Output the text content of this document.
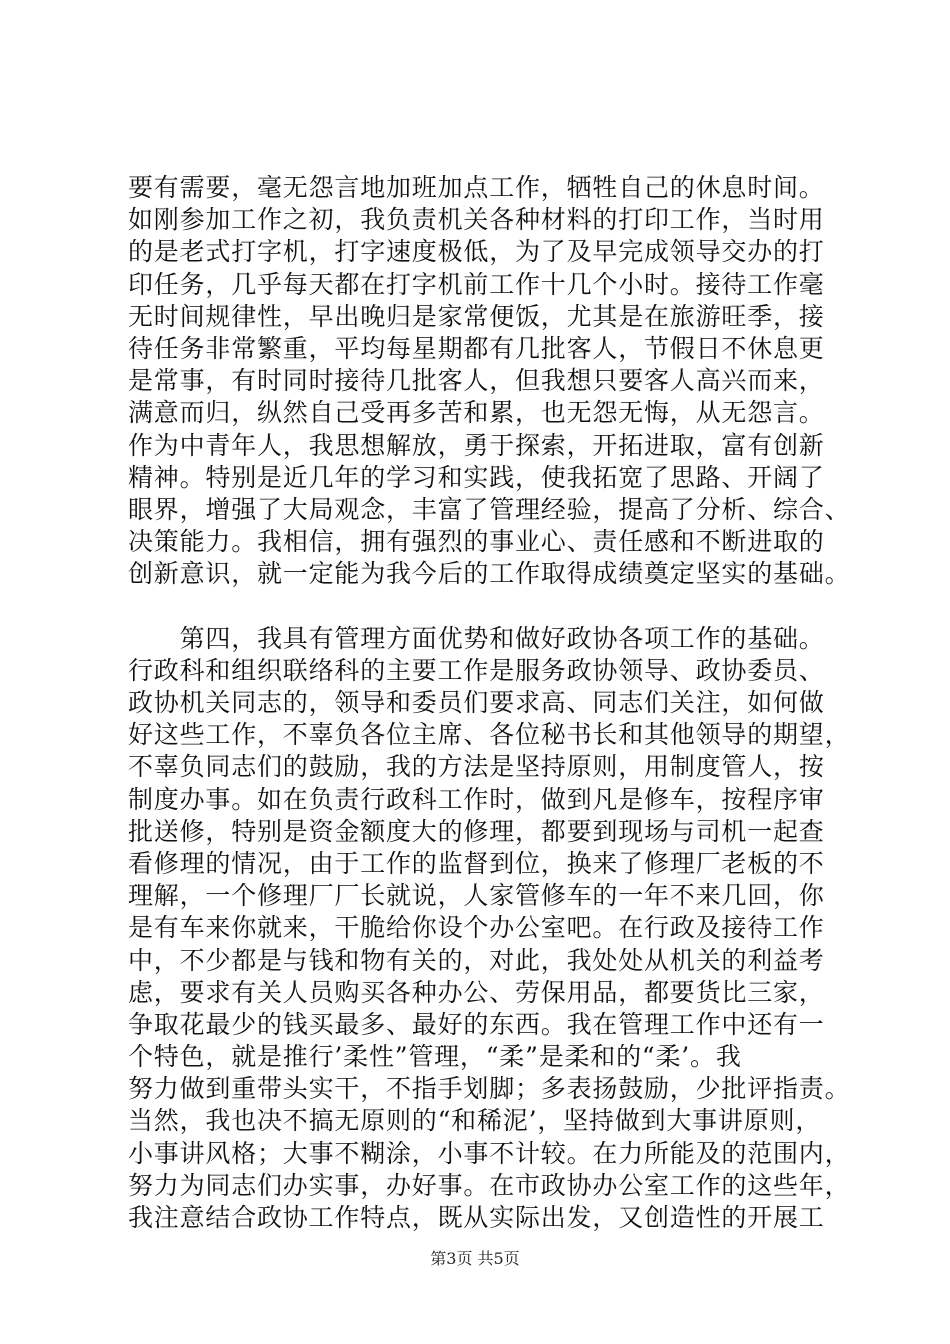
要有需要，毫无怨言地加班加点工作，牺牲自己的休息时间。
如刚参加工作之初，我负责机关各种材料的打印工作，当时用
的是老式打字机，打字速度极低，为了及早完成领导交办的打
印任务，几乎每天都在打字机前工作十几个小时。接待工作毫
无时间规律性，早出晚归是家常便饭，尤其是在旅游旺季，接
待任务非常繁重，平均每星期都有几批客人，节假日不休息更
是常事，有时同时接待几批客人，但我想只要客人高兴而来，
满意而归，纵然自己受再多苦和累，也无怨无悔，从无怨言。
作为中青年人，我思想解放，勇于探索，开拓进取，富有创新
精神。特别是近几年的学习和实践，使我拓宽了思路、开阔了
眼界，增强了大局观念，丰富了管理经验，提高了分析、综合、
决策能力。我相信，拥有强烈的事业心、责任感和不断进取的
创新意识，就一定能为我今后的工作取得成绩奠定坚实的基础。
　　第四，我具有管理方面优势和做好政协各项工作的基础。
行政科和组织联络科的主要工作是服务政协领导、政协委员、
政协机关同志的，领导和委员们要求高、同志们关注，如何做
好这些工作，不辜负各位主席、各位秘书长和其他领导的期望，
不辜负同志们的鼓励，我的方法是坚持原则，用制度管人，按
制度办事。如在负责行政科工作时，做到凡是修车，按程序审
批送修，特别是资金额度大的修理，都要到现场与司机一起查
看修理的情况，由于工作的监督到位，换来了修理厂老板的不
理解，一个修理厂厂长就说，人家管修车的一年不来几回，你
是有车来你就来，干脆给你设个办公室吧。在行政及接待工作
中，不少都是与钱和物有关的，对此，我处处从机关的利益考
虑，要求有关人员购买各种办公、劳保用品，都要货比三家，
争取花最少的钱买最多、最好的东西。我在管理工作中还有一
个特色，就是推行’柔性”管理，“柔”是柔和的“柔’。我
努力做到重带头实干，不指手划脚；多表扬鼓励，少批评指责。
当然，我也决不搞无原则的“和稀泥’，坚持做到大事讲原则，
小事讲风格；大事不糊涂，小事不计较。在力所能及的范围内，
努力为同志们办实事，办好事。在市政协办公室工作的这些年，
我注意结合政协工作特点，既从实际出发，又创造性的开展工
第3页 共5页
